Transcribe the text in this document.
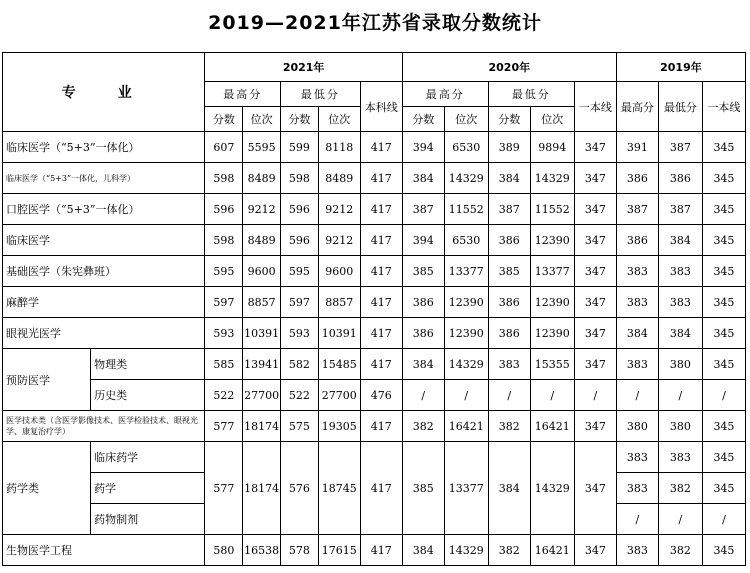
2019—2021年江苏省录取分数统计
专　业		2021年					2020年					2019年		
		最高分		最低分		本科线	最高分		最低分		一本线	最高分	最低分	一本线
		分数	位次	分数	位次		分数	位次	分数	位次				
临床医学（“5+3”一体化）		607	5595	599	8118	417	394	6530	389	9894	347	391	387	345
临床医学（“5+3”一体化，儿科学）		598	8489	598	8489	417	384	14329	384	14329	347	386	386	345
口腔医学（“5+3”一体化）		596	9212	596	9212	417	387	11552	387	11552	347	387	387	345
临床医学		598	8489	596	9212	417	394	6530	386	12390	347	386	384	345
基础医学（朱宪彝班）		595	9600	595	9600	417	385	13377	385	13377	347	383	383	345
麻醉学		597	8857	597	8857	417	386	12390	386	12390	347	383	383	345
眼视光医学		593	10391	593	10391	417	386	12390	386	12390	347	384	384	345
预防医学	物理类	585	13941	582	15485	417	384	14329	383	15355	347	383	380	345
	历史类	522	27700	522	27700	476	/	/	/	/	/	/	/	/
医学技术类（含医学影像技术、医学检验技术、眼视光学、康复治疗学）		577	18174	575	19305	417	382	16421	382	16421	347	380	380	345
药学类	临床药学	577	18174	576	18745	417	385	13377	384	14329	347	383	383	345
	药学											383	382	345
	药物制剂											/	/	/
生物医学工程		580	16538	578	17615	417	384	14329	382	16421	347	383	382	345
